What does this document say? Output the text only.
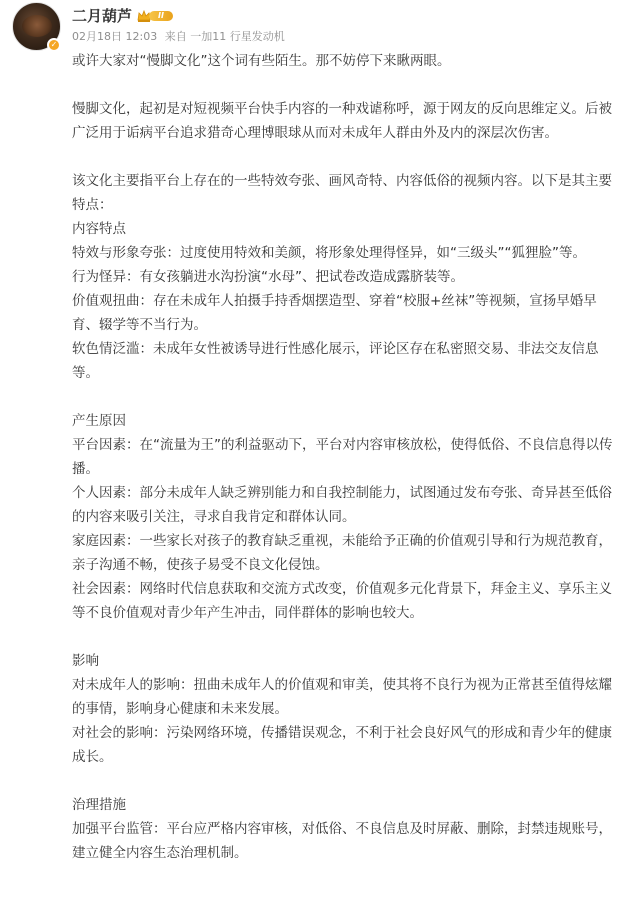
✓
二月葫芦	II
02月18日 12:03 来自 一加11 行星发动机

或许大家对“慢脚文化”这个词有些陌生。那不妨停下来瞅两眼。

慢脚文化，起初是对短视频平台快手内容的一种戏谑称呼，源于网友的反向思维定义。后被广泛用于诟病平台追求猎奇心理博眼球从而对未成年人群由外及内的深层次伤害。

该文化主要指平台上存在的一些特效夸张、画风奇特、内容低俗的视频内容。以下是其主要特点：

内容特点

特效与形象夸张：过度使用特效和美颜，将形象处理得怪异，如“三级头”“狐狸脸”等。

行为怪异：有女孩躺进水沟扮演“水母”、把试卷改造成露脐装等。

价值观扭曲：存在未成年人拍摄手持香烟摆造型、穿着“校服+丝袜”等视频，宣扬早婚早育、辍学等不当行为。

软色情泛滥：未成年女性被诱导进行性感化展示，评论区存在私密照交易、非法交友信息等。

产生原因

平台因素：在“流量为王”的利益驱动下，平台对内容审核放松，使得低俗、不良信息得以传播。

个人因素：部分未成年人缺乏辨别能力和自我控制能力，试图通过发布夸张、奇异甚至低俗的内容来吸引关注，寻求自我肯定和群体认同。

家庭因素：一些家长对孩子的教育缺乏重视，未能给予正确的价值观引导和行为规范教育，亲子沟通不畅，使孩子易受不良文化侵蚀。

社会因素：网络时代信息获取和交流方式改变，价值观多元化背景下，拜金主义、享乐主义等不良价值观对青少年产生冲击，同伴群体的影响也较大。

影响

对未成年人的影响：扭曲未成年人的价值观和审美，使其将不良行为视为正常甚至值得炫耀的事情，影响身心健康和未来发展。

对社会的影响：污染网络环境，传播错误观念，不利于社会良好风气的形成和青少年的健康成长。

治理措施

加强平台监管：平台应严格内容审核，对低俗、不良信息及时屏蔽、删除，封禁违规账号，建立健全内容生态治理机制。
